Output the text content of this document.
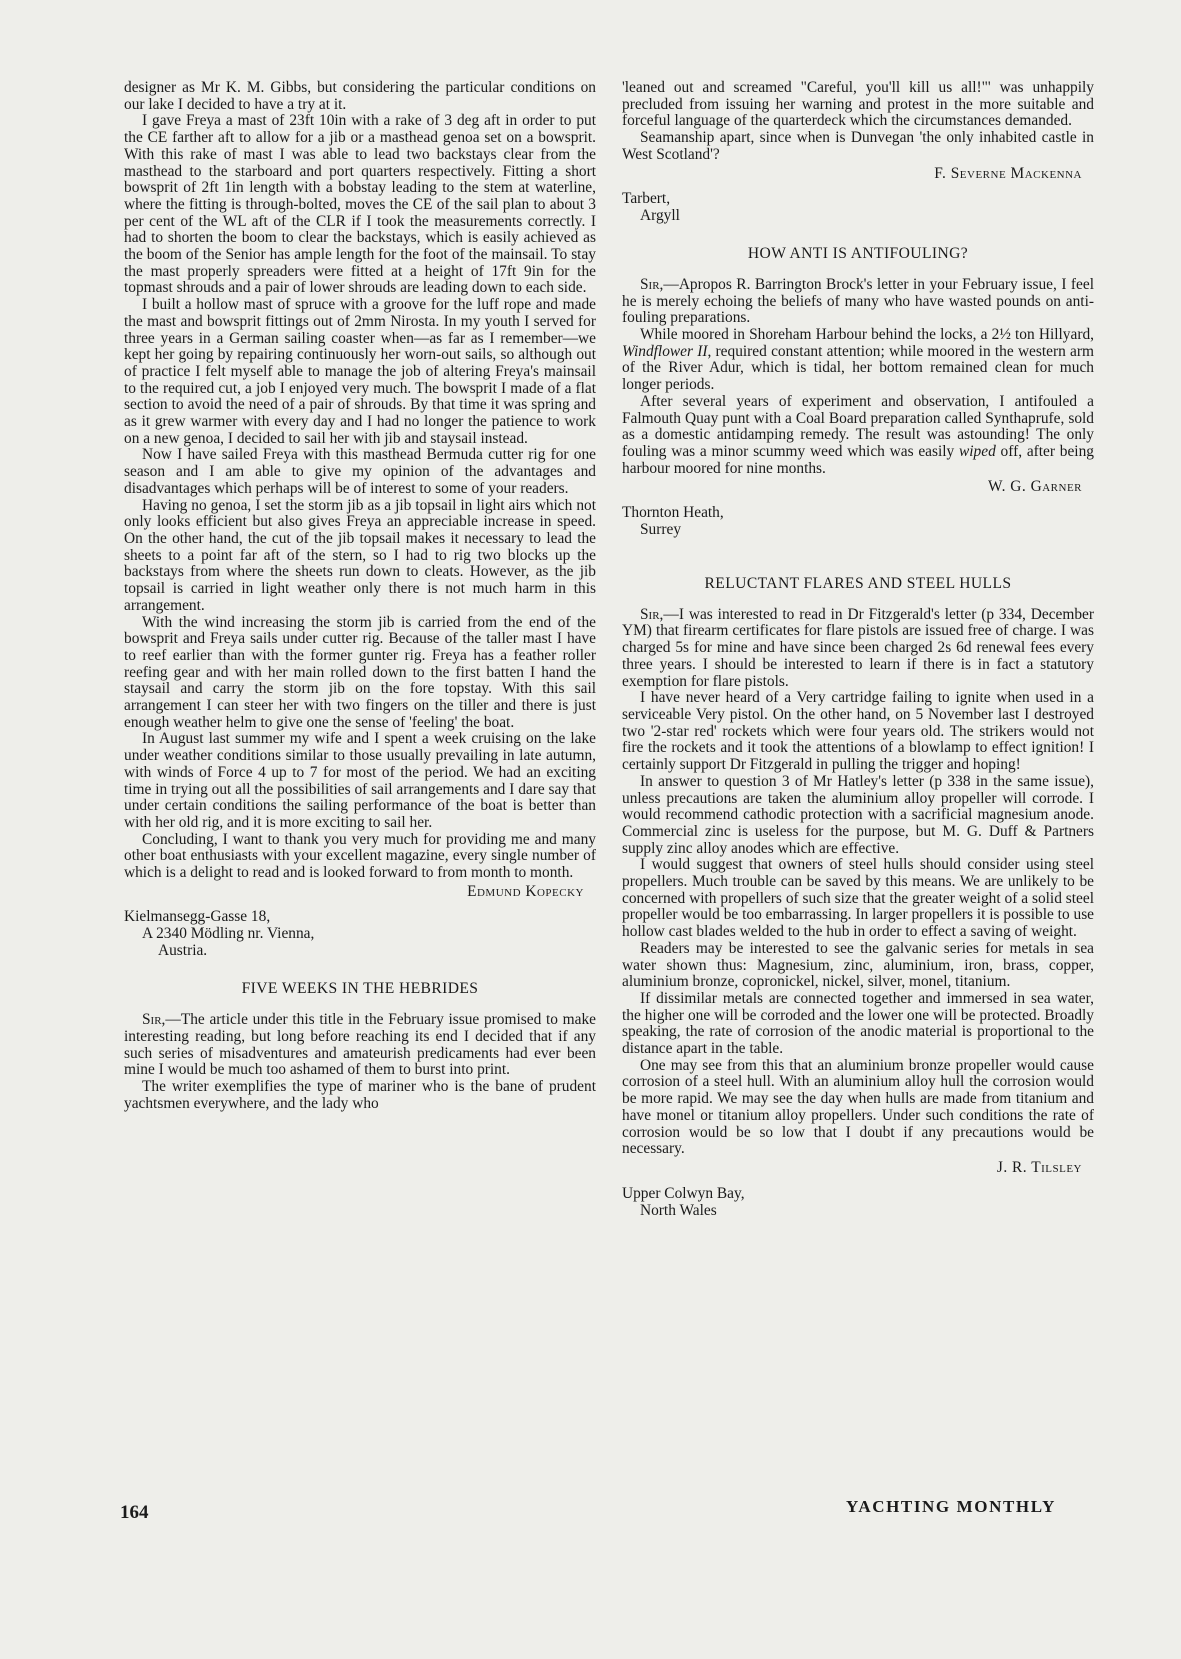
designer as Mr K. M. Gibbs, but considering the particular conditions on our lake I decided to have a try at it.

I gave Freya a mast of 23ft 10in with a rake of 3 deg aft in order to put the CE farther aft to allow for a jib or a masthead genoa set on a bowsprit. With this rake of mast I was able to lead two backstays clear from the masthead to the starboard and port quarters respectively. Fitting a short bowsprit of 2ft 1in length with a bobstay leading to the stem at waterline, where the fitting is through-bolted, moves the CE of the sail plan to about 3 per cent of the WL aft of the CLR if I took the measurements correctly. I had to shorten the boom to clear the backstays, which is easily achieved as the boom of the Senior has ample length for the foot of the mainsail. To stay the mast properly spreaders were fitted at a height of 17ft 9in for the topmast shrouds and a pair of lower shrouds are leading down to each side.

I built a hollow mast of spruce with a groove for the luff rope and made the mast and bowsprit fittings out of 2mm Nirosta. In my youth I served for three years in a German sailing coaster when—as far as I remember—we kept her going by repairing continuously her worn-out sails, so although out of practice I felt myself able to manage the job of altering Freya's mainsail to the required cut, a job I enjoyed very much. The bowsprit I made of a flat section to avoid the need of a pair of shrouds. By that time it was spring and as it grew warmer with every day and I had no longer the patience to work on a new genoa, I decided to sail her with jib and staysail instead.

Now I have sailed Freya with this masthead Bermuda cutter rig for one season and I am able to give my opinion of the advantages and disadvantages which perhaps will be of interest to some of your readers.

Having no genoa, I set the storm jib as a jib topsail in light airs which not only looks efficient but also gives Freya an appreciable increase in speed. On the other hand, the cut of the jib topsail makes it necessary to lead the sheets to a point far aft of the stern, so I had to rig two blocks up the backstays from where the sheets run down to cleats. However, as the jib topsail is carried in light weather only there is not much harm in this arrangement.

With the wind increasing the storm jib is carried from the end of the bowsprit and Freya sails under cutter rig. Because of the taller mast I have to reef earlier than with the former gunter rig. Freya has a feather roller reefing gear and with her main rolled down to the first batten I hand the staysail and carry the storm jib on the fore topstay. With this sail arrangement I can steer her with two fingers on the tiller and there is just enough weather helm to give one the sense of 'feeling' the boat.

In August last summer my wife and I spent a week cruising on the lake under weather conditions similar to those usually prevailing in late autumn, with winds of Force 4 up to 7 for most of the period. We had an exciting time in trying out all the possibilities of sail arrangements and I dare say that under certain conditions the sailing performance of the boat is better than with her old rig, and it is more exciting to sail her.

Concluding, I want to thank you very much for providing me and many other boat enthusiasts with your excellent magazine, every single number of which is a delight to read and is looked forward to from month to month.

Edmund Kopecky
Kielmansegg-Gasse 18,
A 2340 Mödling nr. Vienna,
Austria.
FIVE WEEKS IN THE HEBRIDES

Sir,—The article under this title in the February issue promised to make interesting reading, but long before reaching its end I decided that if any such series of misadventures and amateurish predicaments had ever been mine I would be much too ashamed of them to burst into print.

The writer exemplifies the type of mariner who is the bane of prudent yachtsmen everywhere, and the lady who

'leaned out and screamed "Careful, you'll kill us all!"' was unhappily precluded from issuing her warning and protest in the more suitable and forceful language of the quarterdeck which the circumstances demanded.

Seamanship apart, since when is Dunvegan 'the only inhabited castle in West Scotland'?

F. Severne Mackenna
Tarbert,
Argyll
HOW ANTI IS ANTIFOULING?

Sir,—Apropos R. Barrington Brock's letter in your February issue, I feel he is merely echoing the beliefs of many who have wasted pounds on anti-fouling preparations.

While moored in Shoreham Harbour behind the locks, a 2½ ton Hillyard, Windflower II, required constant attention; while moored in the western arm of the River Adur, which is tidal, her bottom remained clean for much longer periods.

After several years of experiment and observation, I antifouled a Falmouth Quay punt with a Coal Board preparation called Synthaprufe, sold as a domestic antidamping remedy. The result was astounding! The only fouling was a minor scummy weed which was easily wiped off, after being harbour moored for nine months.

W. G. Garner
Thornton Heath,
Surrey
RELUCTANT FLARES AND STEEL HULLS

Sir,—I was interested to read in Dr Fitzgerald's letter (p 334, December YM) that firearm certificates for flare pistols are issued free of charge. I was charged 5s for mine and have since been charged 2s 6d renewal fees every three years. I should be interested to learn if there is in fact a statutory exemption for flare pistols.

I have never heard of a Very cartridge failing to ignite when used in a serviceable Very pistol. On the other hand, on 5 November last I destroyed two '2-star red' rockets which were four years old. The strikers would not fire the rockets and it took the attentions of a blowlamp to effect ignition! I certainly support Dr Fitzgerald in pulling the trigger and hoping!

In answer to question 3 of Mr Hatley's letter (p 338 in the same issue), unless precautions are taken the aluminium alloy propeller will corrode. I would recommend cathodic protection with a sacrificial magnesium anode. Commercial zinc is useless for the purpose, but M. G. Duff & Partners supply zinc alloy anodes which are effective.

I would suggest that owners of steel hulls should consider using steel propellers. Much trouble can be saved by this means. We are unlikely to be concerned with propellers of such size that the greater weight of a solid steel propeller would be too embarrassing. In larger propellers it is possible to use hollow cast blades welded to the hub in order to effect a saving of weight.

Readers may be interested to see the galvanic series for metals in sea water shown thus: Magnesium, zinc, aluminium, iron, brass, copper, aluminium bronze, copronickel, nickel, silver, monel, titanium.

If dissimilar metals are connected together and immersed in sea water, the higher one will be corroded and the lower one will be protected. Broadly speaking, the rate of corrosion of the anodic material is proportional to the distance apart in the table.

One may see from this that an aluminium bronze propeller would cause corrosion of a steel hull. With an aluminium alloy hull the corrosion would be more rapid. We may see the day when hulls are made from titanium and have monel or titanium alloy propellers. Under such conditions the rate of corrosion would be so low that I doubt if any precautions would be necessary.

J. R. Tilsley
Upper Colwyn Bay,
North Wales
164	YACHTING MONTHLY
